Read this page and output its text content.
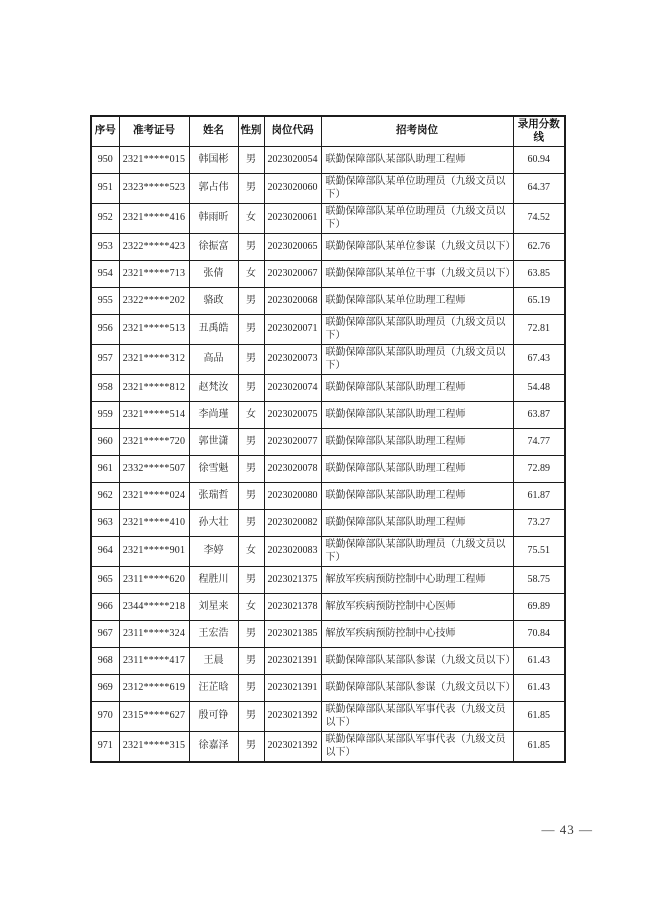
序号	准考证号	姓名	性别	岗位代码	招考岗位	录用分数线
950	2321*****015	韩国彬	男	2023020054	联勤保障部队某部队助理工程师	60.94
951	2323*****523	郭占伟	男	2023020060	联勤保障部队某单位助理员（九级文员以下）	64.37
952	2321*****416	韩雨昕	女	2023020061	联勤保障部队某单位助理员（九级文员以下）	74.52
953	2322*****423	徐振富	男	2023020065	联勤保障部队某单位参谋（九级文员以下）	62.76
954	2321*****713	张倩	女	2023020067	联勤保障部队某单位干事（九级文员以下）	63.85
955	2322*****202	骆政	男	2023020068	联勤保障部队某单位助理工程师	65.19
956	2321*****513	丑禹皓	男	2023020071	联勤保障部队某部队助理员（九级文员以下）	72.81
957	2321*****312	高品	男	2023020073	联勤保障部队某部队助理员（九级文员以下）	67.43
958	2321*****812	赵梵汝	男	2023020074	联勤保障部队某部队助理工程师	54.48
959	2321*****514	李尚瑾	女	2023020075	联勤保障部队某部队助理工程师	63.87
960	2321*****720	郭世潇	男	2023020077	联勤保障部队某部队助理工程师	74.77
961	2332*****507	徐雪魁	男	2023020078	联勤保障部队某部队助理工程师	72.89
962	2321*****024	张瑞哲	男	2023020080	联勤保障部队某部队助理工程师	61.87
963	2321*****410	孙大壮	男	2023020082	联勤保障部队某部队助理工程师	73.27
964	2321*****901	李婷	女	2023020083	联勤保障部队某部队助理员（九级文员以下）	75.51
965	2311*****620	程胜川	男	2023021375	解放军疾病预防控制中心助理工程师	58.75
966	2344*****218	刘星来	女	2023021378	解放军疾病预防控制中心医师	69.89
967	2311*****324	王宏浩	男	2023021385	解放军疾病预防控制中心技师	70.84
968	2311*****417	王晨	男	2023021391	联勤保障部队某部队参谋（九级文员以下）	61.43
969	2312*****619	汪芷晗	男	2023021391	联勤保障部队某部队参谋（九级文员以下）	61.43
970	2315*****627	殷可铮	男	2023021392	联勤保障部队某部队军事代表（九级文员以下）	61.85
971	2321*****315	徐嘉泽	男	2023021392	联勤保障部队某部队军事代表（九级文员以下）	61.85
— 43 —
